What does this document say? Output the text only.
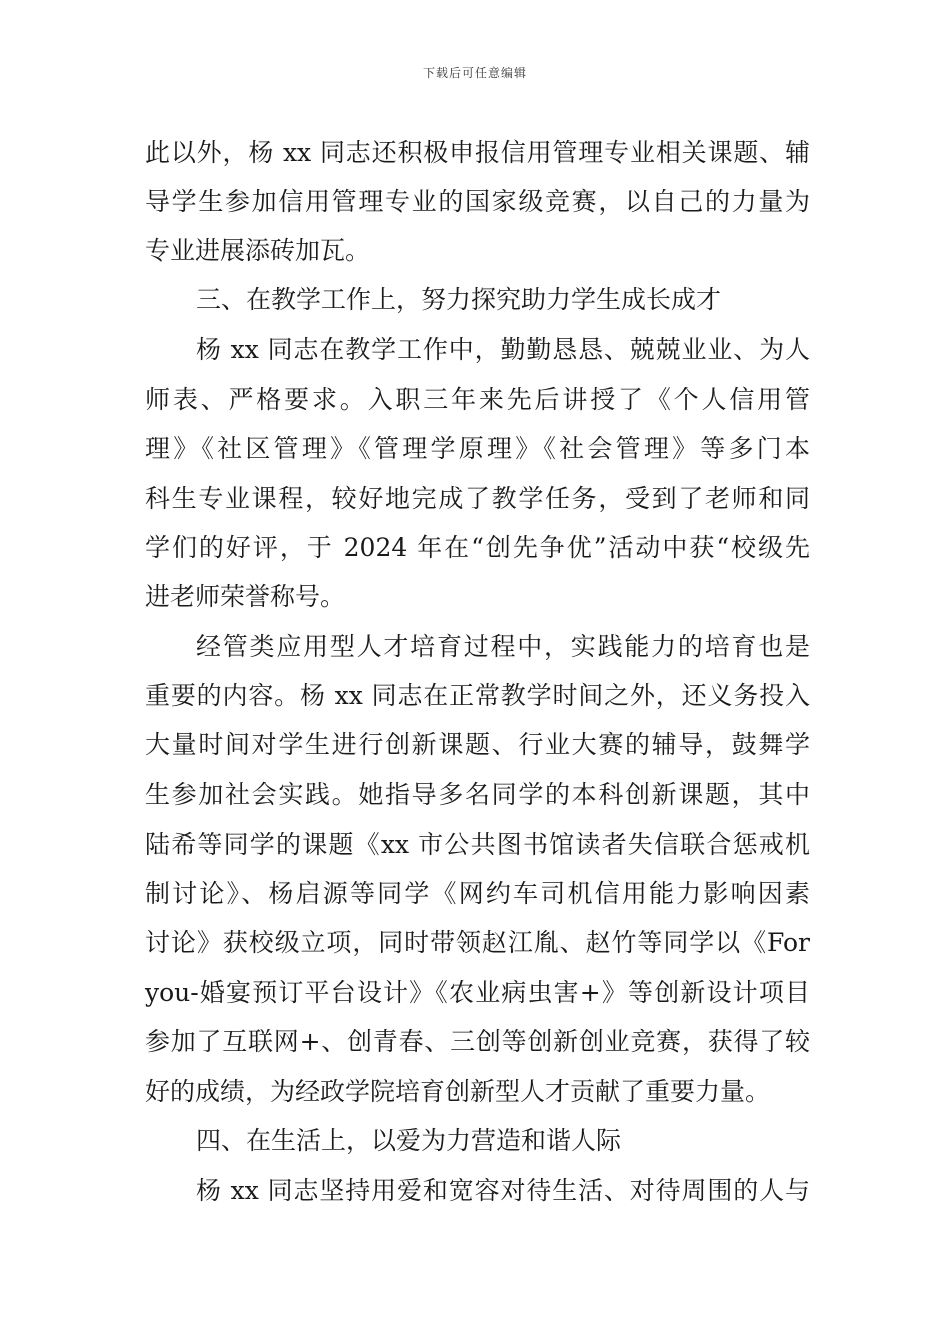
下载后可任意编辑
此以外，杨 xx 同志还积极申报信用管理专业相关课题、辅
导学生参加信用管理专业的国家级竞赛，以自己的力量为
专业进展添砖加瓦。
三、在教学工作上，努力探究助力学生成长成才
杨 xx 同志在教学工作中，勤勤恳恳、兢兢业业、为人
师表、严格要求。入职三年来先后讲授了《个人信用管
理》《社区管理》《管理学原理》《社会管理》等多门本
科生专业课程，较好地完成了教学任务，受到了老师和同
学们的好评，于 2024 年在“创先争优”活动中获“校级先
进老师荣誉称号。
经管类应用型人才培育过程中，实践能力的培育也是
重要的内容。杨 xx 同志在正常教学时间之外，还义务投入
大量时间对学生进行创新课题、行业大赛的辅导，鼓舞学
生参加社会实践。她指导多名同学的本科创新课题，其中
陆希等同学的课题《xx 市公共图书馆读者失信联合惩戒机
制讨论》、杨启源等同学《网约车司机信用能力影响因素
讨论》获校级立项，同时带领赵江胤、赵竹等同学以《For
you-婚宴预订平台设计》《农业病虫害+》等创新设计项目
参加了互联网+、创青春、三创等创新创业竞赛，获得了较
好的成绩，为经政学院培育创新型人才贡献了重要力量。
四、在生活上，以爱为力营造和谐人际
杨 xx 同志坚持用爱和宽容对待生活、对待周围的人与
